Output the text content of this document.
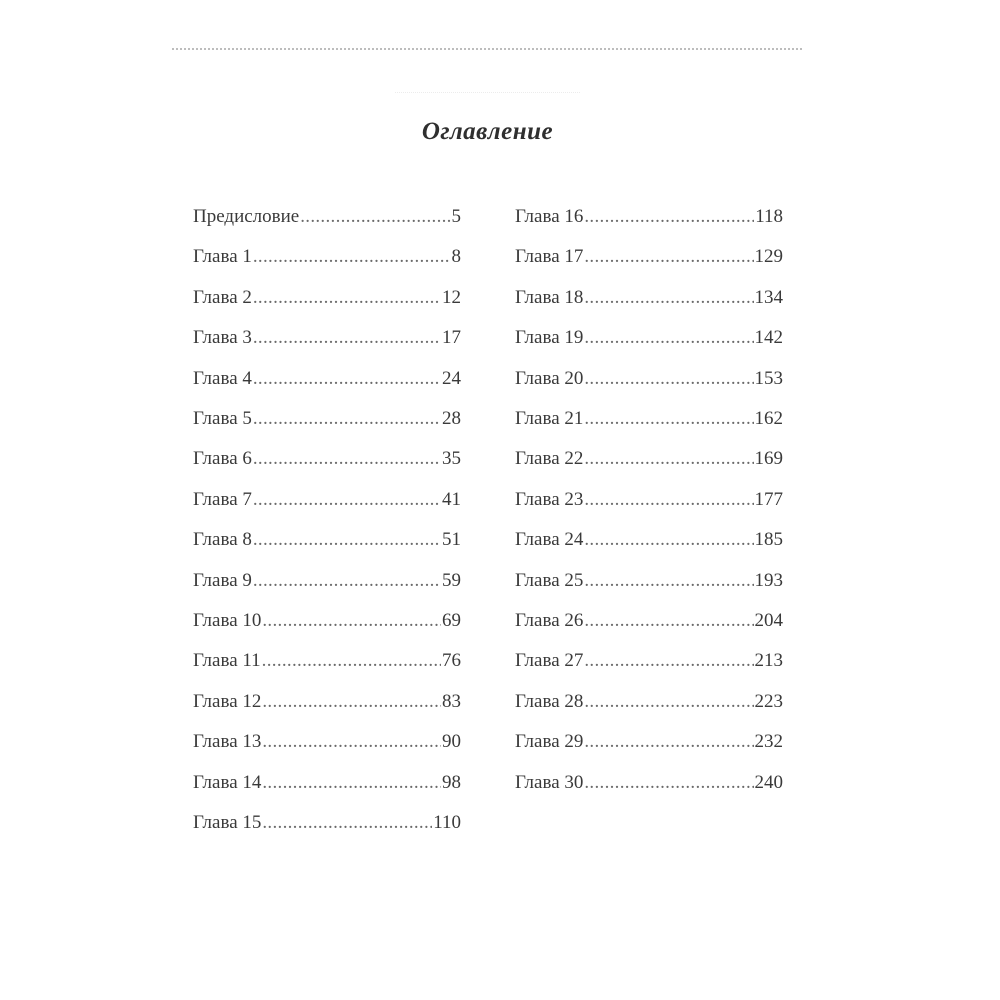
Оглавление
Предисловие .....	5
Глава 1 .....	8
Глава 2 .....	12
Глава 3 .....	17
Глава 4 .....	24
Глава 5 .....	28
Глава 6 .....	35
Глава 7 .....	41
Глава 8 .....	51
Глава 9 .....	59
Глава 10 .....	69
Глава 11 .....	76
Глава 12 .....	83
Глава 13 .....	90
Глава 14 .....	98
Глава 15 .....	110
Глава 16 .....	118
Глава 17 .....	129
Глава 18 .....	134
Глава 19 .....	142
Глава 20 .....	153
Глава 21 .....	162
Глава 22 .....	169
Глава 23 .....	177
Глава 24 .....	185
Глава 25 .....	193
Глава 26 .....	204
Глава 27 .....	213
Глава 28 .....	223
Глава 29 .....	232
Глава 30 .....	240
